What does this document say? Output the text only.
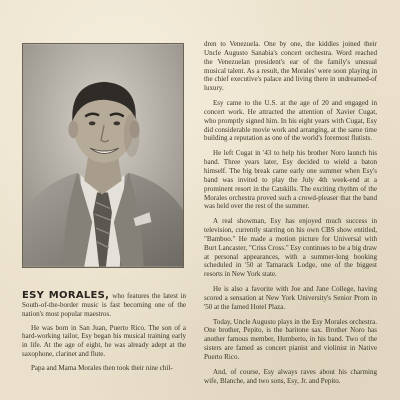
ESY MORALES, who features the latest in South-of-the-border music is fast becoming one of the nation's most popular maestros.

He was born in San Juan, Puerto Rico. The son of a hard-working tailor, Esy began his musical training early in life. At the age of eight, he was already adept at the saxophone, clarinet and flute.

Papa and Mama Morales then took their nine chil-

dren to Venezuela. One by one, the kiddies joined their Uncle Augusto Sanabia's concert orchestra. Word reached the Venezuelan president's ear of the family's unusual musical talent. As a result, the Morales' were soon playing in the chief executive's palace and living there in undreamed-of luxury.

Esy came to the U.S. at the age of 20 and engaged in concert work. He attracted the attention of Xavier Cugat, who promptly signed him. In his eight years with Cugat, Esy did considerable movie work and arranging, at the same time building a reputation as one of the world's foremost flutists.

He left Cugat in '43 to help his brother Noro launch his band. Three years later, Esy decided to wield a baton himself. The big break came early one summer when Esy's band was invited to play the July 4th week-end at a prominent resort in the Catskills. The exciting rhythm of the Morales orchestra proved such a crowd-pleaser that the band was held over the rest of the summer.

A real showman, Esy has enjoyed much success in television, currently starring on his own CBS show entitled, "Bamboo." He made a motion picture for Universal with Burt Lancaster, "Criss Cross." Esy continues to be a big draw at personal appearances, with a summer-long booking scheduled in '50 at Tamarack Lodge, one of the biggest resorts in New York state.

He is also a favorite with Joe and Jane College, having scored a sensation at New York University's Senior Prom in '50 at the famed Hotel Plaza.

Today, Uncle Augusto plays in the Esy Morales orchestra. One brother, Pepito, is the baritone sax. Brother Noro has another famous member, Humberto, in his band. Two of the sisters are famed as concert pianist and violinist in Native Puerto Rico.

And, of course, Esy always raves about his charming wife, Blanche, and two sons, Esy, Jr. and Pepito.
